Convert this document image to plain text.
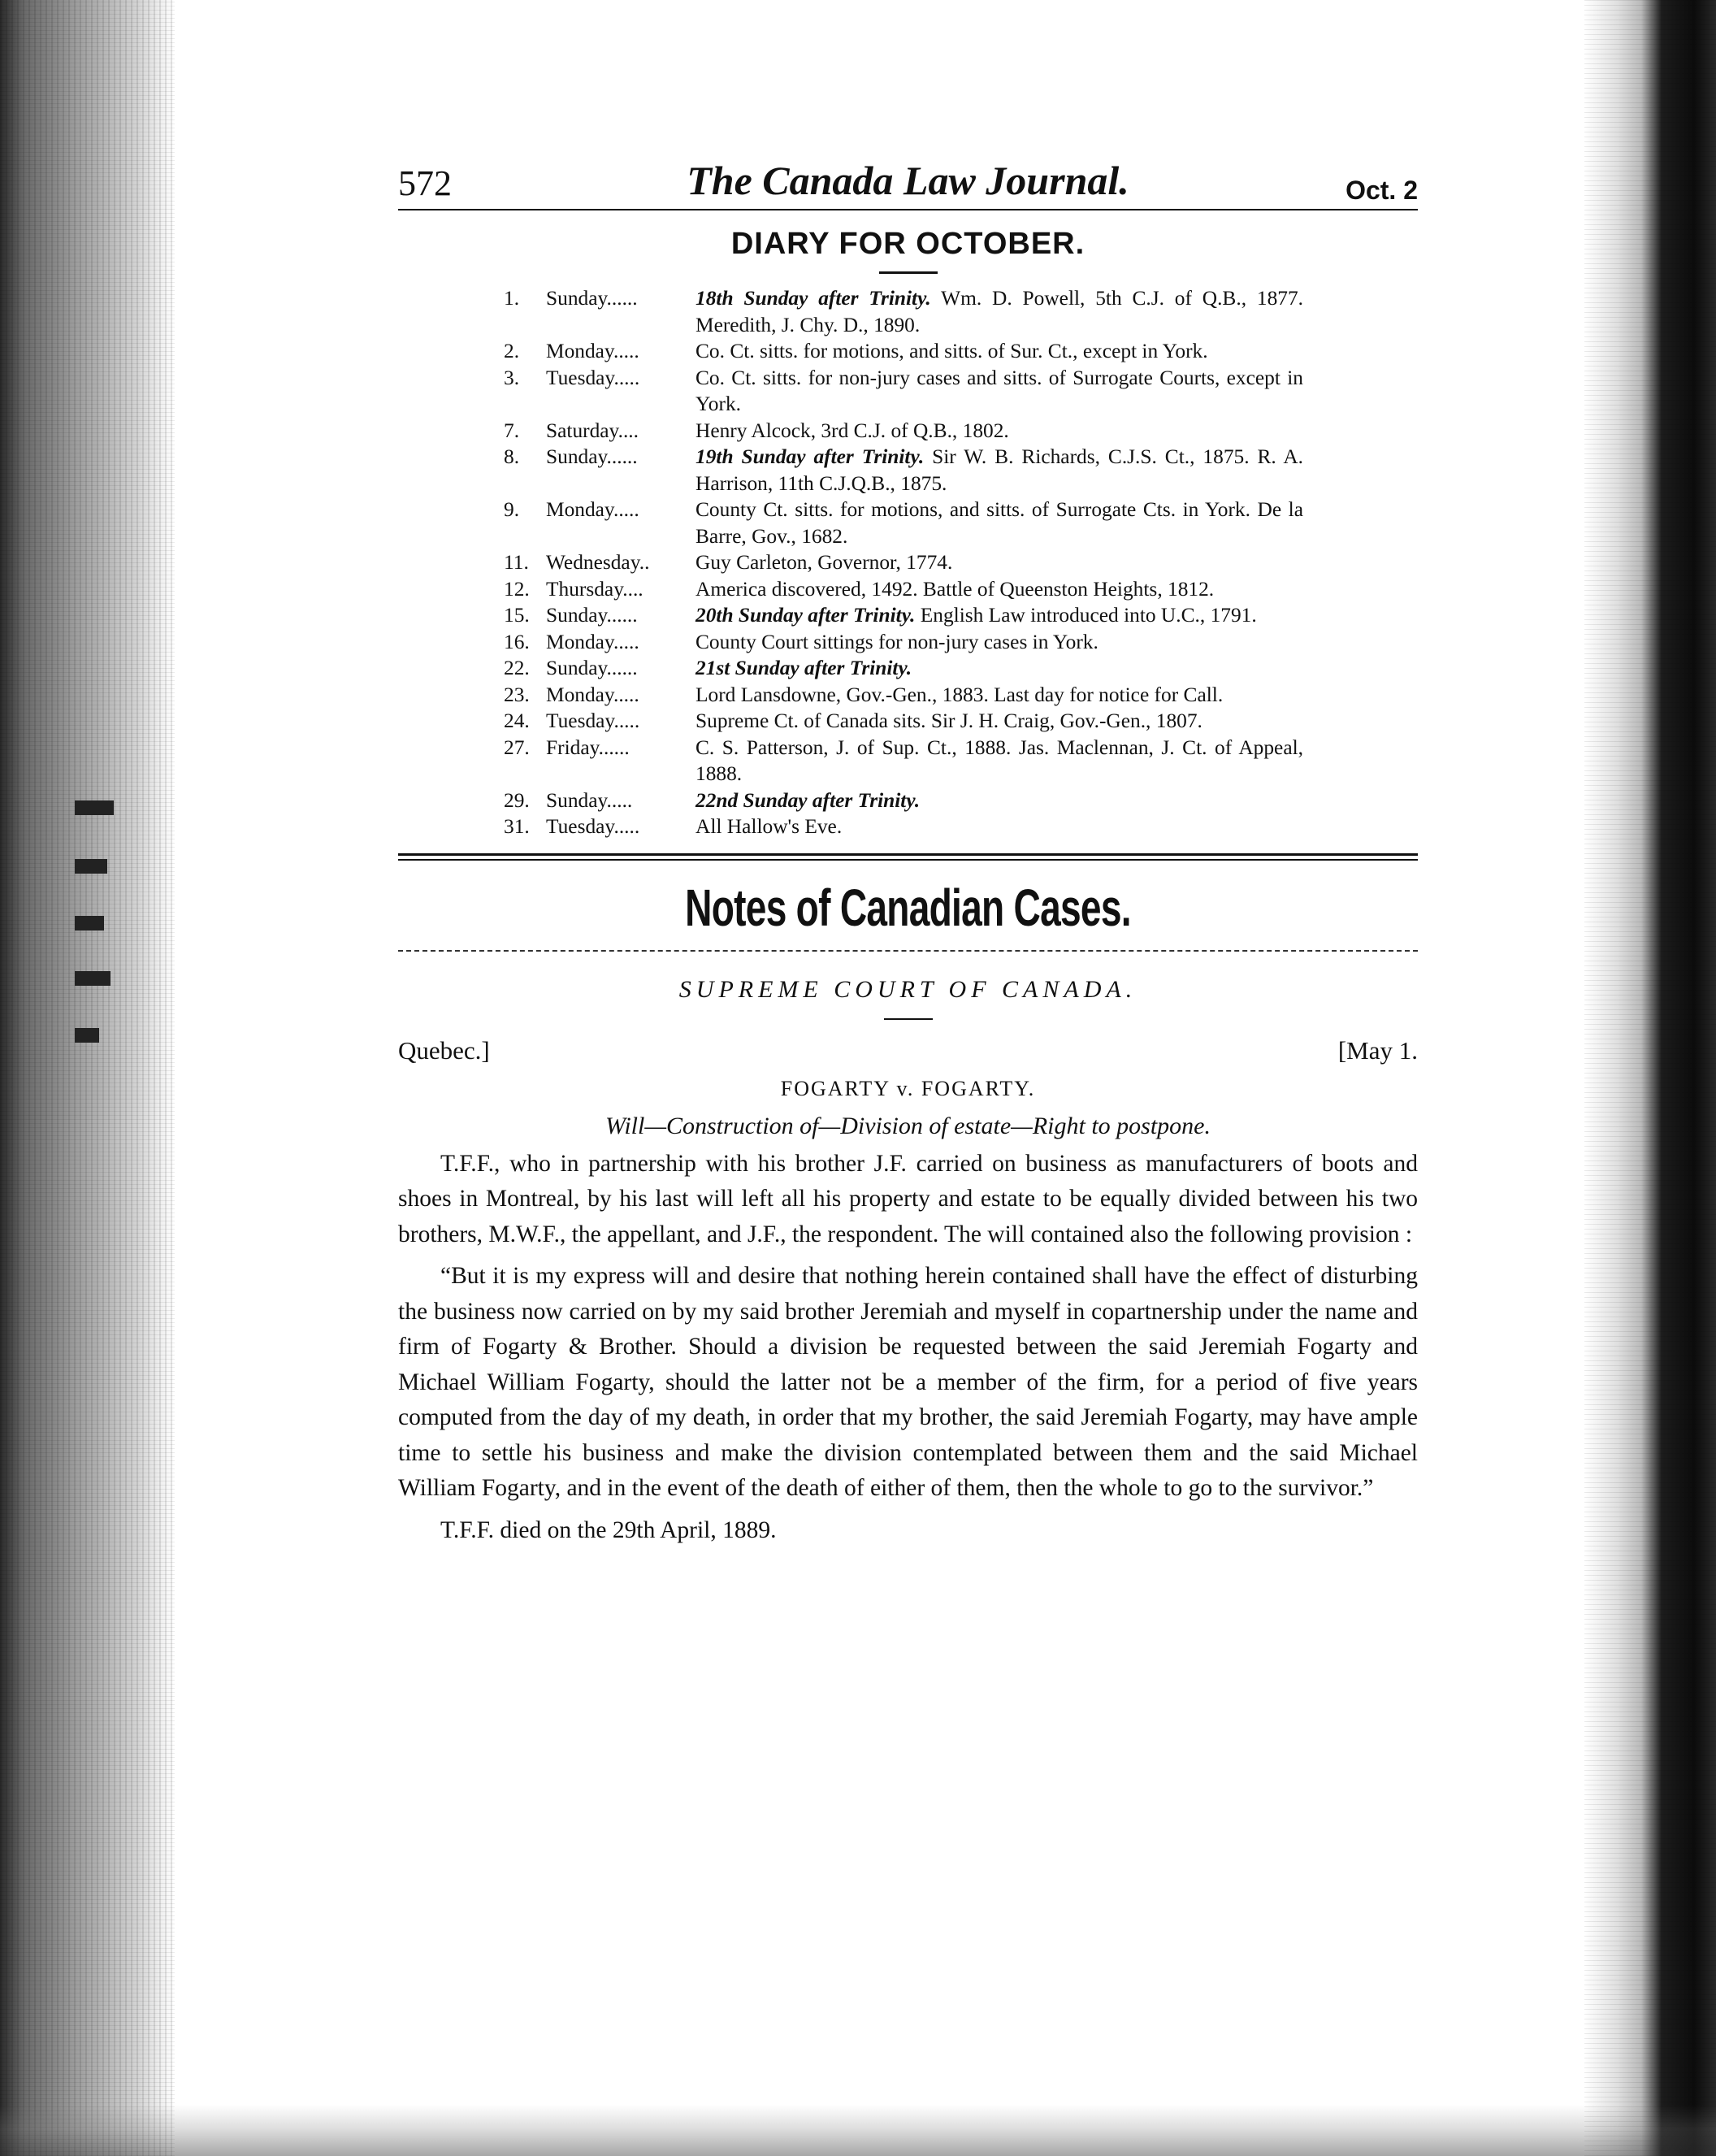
572	The Canada Law Journal.	Oct. 2
DIARY FOR OCTOBER.
1.	Sunday......	18th Sunday after Trinity. Wm. D. Powell, 5th C.J. of Q.B., 1877. Meredith, J. Chy. D., 1890.
2.	Monday.....	Co. Ct. sitts. for motions, and sitts. of Sur. Ct., except in York.
3.	Tuesday.....	Co. Ct. sitts. for non-jury cases and sitts. of Surrogate Courts, except in York.
7.	Saturday....	Henry Alcock, 3rd C.J. of Q.B., 1802.
8.	Sunday......	19th Sunday after Trinity. Sir W. B. Richards, C.J.S. Ct., 1875. R. A. Harrison, 11th C.J.Q.B., 1875.
9.	Monday.....	County Ct. sitts. for motions, and sitts. of Surrogate Cts. in York. De la Barre, Gov., 1682.
11. Wednesday..	Guy Carleton, Governor, 1774.
12. Thursday....	America discovered, 1492. Battle of Queenston Heights, 1812.
15. Sunday......	20th Sunday after Trinity. English Law introduced into U.C., 1791.
16. Monday.....	County Court sittings for non-jury cases in York.
22. Sunday......	21st Sunday after Trinity.
23. Monday.....	Lord Lansdowne, Gov.-Gen., 1883. Last day for notice for Call.
24. Tuesday.....	Supreme Ct. of Canada sits. Sir J. H. Craig, Gov.-Gen., 1807.
27. Friday......	C. S. Patterson, J. of Sup. Ct., 1888. Jas. Maclennan, J. Ct. of Appeal, 1888.
29. Sunday.....	22nd Sunday after Trinity.
31. Tuesday.....	All Hallow's Eve.
Notes of Canadian Cases.
SUPREME COURT OF CANADA.
Quebec.]	[May 1.
FOGARTY v. FOGARTY.
Will—Construction of—Division of estate—Right to postpone.

T.F.F., who in partnership with his brother J.F. carried on business as manufacturers of boots and shoes in Montreal, by his last will left all his property and estate to be equally divided between his two brothers, M.W.F., the appellant, and J.F., the respondent. The will contained also the following provision :

“But it is my express will and desire that nothing herein contained shall have the effect of disturbing the business now carried on by my said brother Jeremiah and myself in copartnership under the name and firm of Fogarty & Brother. Should a division be requested between the said Jeremiah Fogarty and Michael William Fogarty, should the latter not be a member of the firm, for a period of five years computed from the day of my death, in order that my brother, the said Jeremiah Fogarty, may have ample time to settle his business and make the division contemplated between them and the said Michael William Fogarty, and in the event of the death of either of them, then the whole to go to the survivor.”

T.F.F. died on the 29th April, 1889.
